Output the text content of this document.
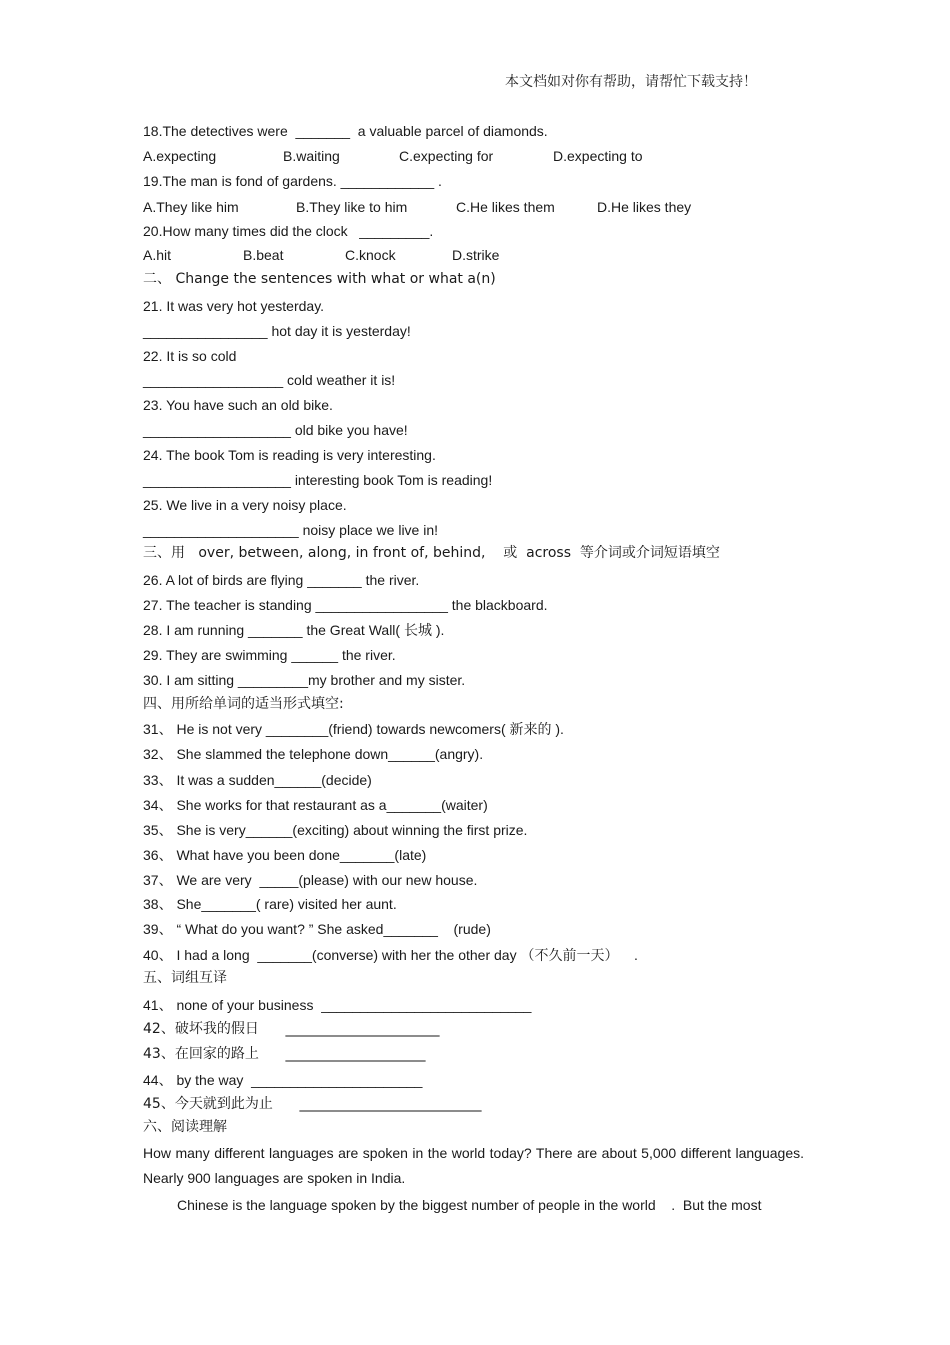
本文档如对你有帮助，请帮忙下载支持！
18.The detectives were  _______  a valuable parcel of diamonds.
A.expecting	B.waiting	C.expecting for	D.expecting to
19.The man is fond of gardens. ____________ .
A.They like him	B.They like to him	C.He likes them	D.He likes they
20.How many times did the clock   _________.
A.hit	B.beat	C.knock	D.strike
二、 Change the sentences with what or what a(n)
21. It was very hot yesterday.
________________ hot day it is yesterday!
22. It is so cold
__________________ cold weather it is!
23. You have such an old bike.
___________________ old bike you have!
24. The book Tom is reading is very interesting.
___________________ interesting book Tom is reading!
25. We live in a very noisy place.
____________________ noisy place we live in!
三、用   over, between, along, in front of, behind,    或  across  等介词或介词短语填空
26. A lot of birds are flying _______ the river.
27. The teacher is standing _________________ the blackboard.
28. I am running _______ the Great Wall( 长城 ).
29. They are swimming ______ the river.
30. I am sitting _________my brother and my sister.
四、用所给单词的适当形式填空:
31、 He is not very ________(friend) towards newcomers( 新来的 ).
32、 She slammed the telephone down______(angry).
33、 It was a sudden______(decide)
34、 She works for that restaurant as a_______(waiter)
35、 She is very______(exciting) about winning the first prize.
36、 What have you been done_______(late)
37、 We are very  _____(please) with our new house.
38、 She_______( rare) visited her aunt.
39、 “ What do you want? ” She asked_______    (rude)
40、 I had a long  _______(converse) with her the other day （不久前一天）    .
五、词组互译
41、 none of your business  ___________________________
42、破坏我的假日      ______________________
43、在回家的路上      ____________________
44、 by the way  ______________________
45、今天就到此为止      __________________________
六、阅读理解
How many different languages are spoken in the world today? There are about 5,000 different languages. Nearly 900 languages are spoken in India.
Chinese is the language spoken by the biggest number of people in the world    .  But the most
